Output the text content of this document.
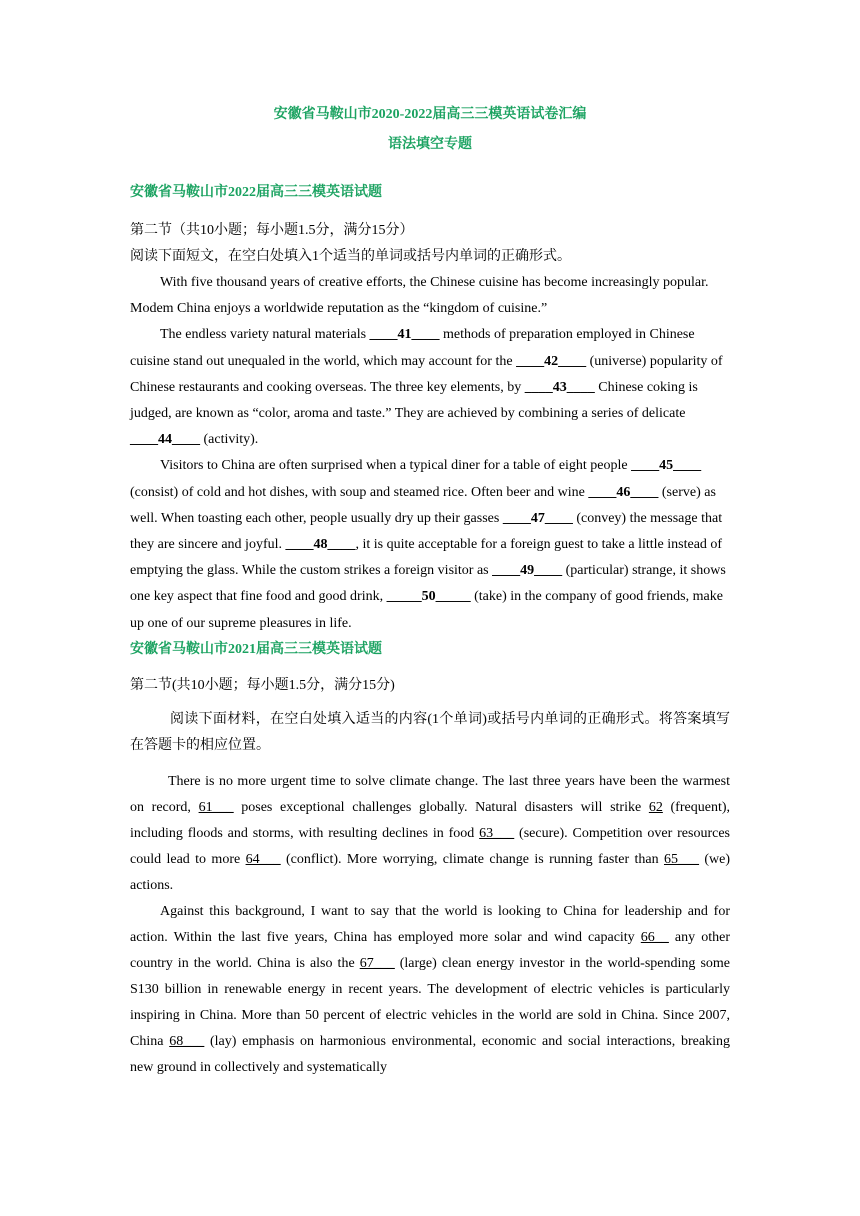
安徽省马鞍山市2020-2022届高三三模英语试卷汇编
语法填空专题
安徽省马鞍山市2022届高三三模英语试题
第二节（共10小题；每小题1.5分，满分15分）
阅读下面短文，在空白处填入1个适当的单词或括号内单词的正确形式。
With five thousand years of creative efforts, the Chinese cuisine has become increasingly popular. Modem China enjoys a worldwide reputation as the “kingdom of cuisine.”
The endless variety natural materials ____41____ methods of preparation employed in Chinese cuisine stand out unequaled in the world, which may account for the ____42____ (universe) popularity of Chinese restaurants and cooking overseas. The three key elements, by ____43____ Chinese coking is judged, are known as “color, aroma and taste.” They are achieved by combining a series of delicate ____44____ (activity).
Visitors to China are often surprised when a typical diner for a table of eight people ____45____ (consist) of cold and hot dishes, with soup and steamed rice. Often beer and wine ____46____ (serve) as well. When toasting each other, people usually dry up their gasses ____47____ (convey) the message that they are sincere and joyful. ____48____, it is quite acceptable for a foreign guest to take a little instead of emptying the glass. While the custom strikes a foreign visitor as ____49____ (particular) strange, it shows one key aspect that fine food and good drink, _____50_____ (take) in the company of good friends, make up one of our supreme pleasures in life.
安徽省马鞍山市2021届高三三模英语试题
第二节(共10小题；每小题1.5分，满分15分)
阅读下面材料，在空白处填入适当的内容(1个单词)或括号内单词的正确形式。将答案填写 在答题卡的相应位置。
There is no more urgent time to solve climate change. The last three years have been the warmest on record, 61___ poses exceptional challenges globally. Natural disasters will strike 62 (frequent), including floods and storms, with resulting declines in food 63___ (secure). Competition over resources could lead to more 64___ (conflict). More worrying, climate change is running faster than 65___ (we) actions.
Against this background, I want to say that the world is looking to China for leadership and for action. Within the last five years, China has employed more solar and wind capacity 66__ any other country in the world. China is also the 67___ (large) clean energy investor in the world-spending some S130 billion in renewable energy in recent years. The development of electric vehicles is particularly inspiring in China. More than 50 percent of electric vehicles in the world are sold in China. Since 2007, China 68___ (lay) emphasis on harmonious environmental, economic and social interactions, breaking new ground in collectively and systematically
